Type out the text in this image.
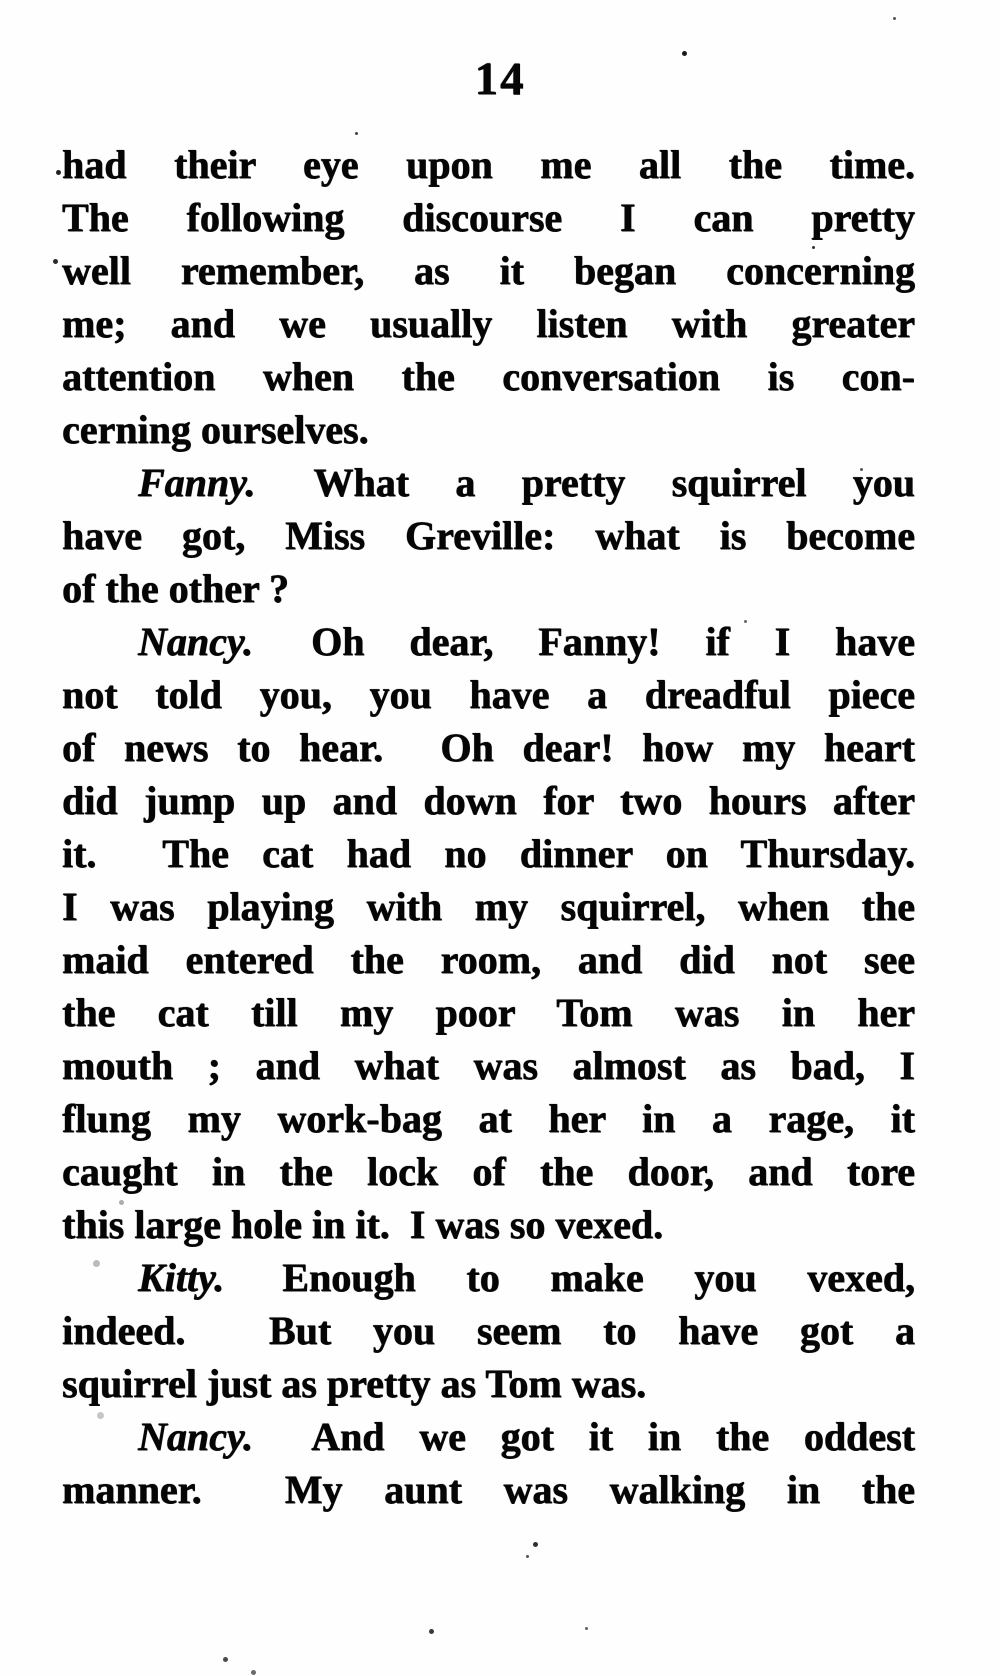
14
had their eye upon me all the time.
The following discourse I can pretty
well remember, as it began concerning
me; and we usually listen with greater
attention when the conversation is con-
cerning ourselves.
Fanny. What a pretty squirrel you
have got, Miss Greville: what is become
of the other ?
Nancy. Oh dear, Fanny! if I have
not told you, you have a dreadful piece
of news to hear.  Oh dear! how my heart
did jump up and down for two hours after
it.  The cat had no dinner on Thursday.
I was playing with my squirrel, when the
maid entered the room, and did not see
the cat till my poor Tom was in her
mouth ; and what was almost as bad, I
flung my work-bag at her in a rage, it
caught in the lock of the door, and tore
this large hole in it.  I was so vexed.
Kitty. Enough to make you vexed,
indeed.  But you seem to have got a
squirrel just as pretty as Tom was.
Nancy. And we got it in the oddest
manner.  My aunt was walking in the
